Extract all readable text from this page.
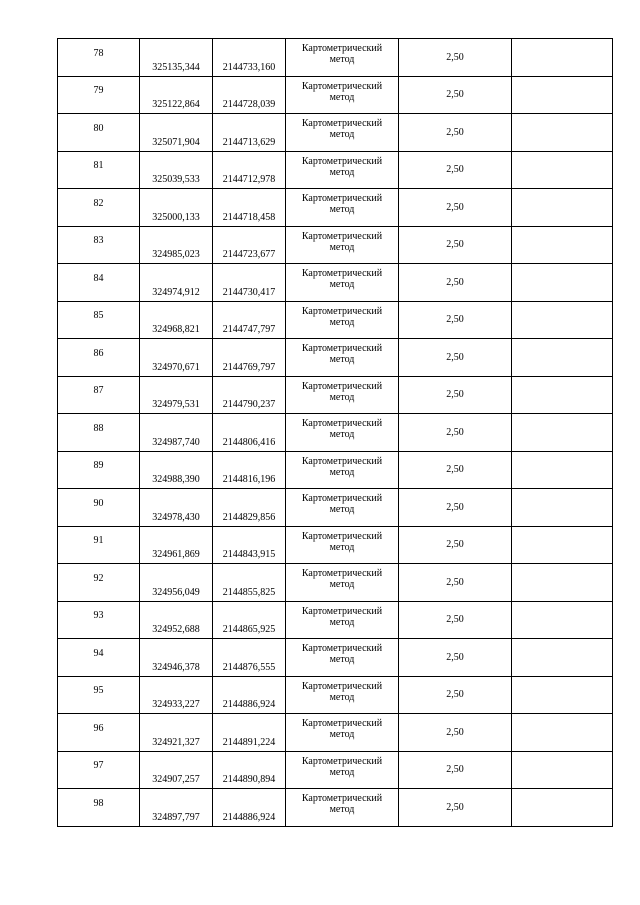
78	325135,344	2144733,160	Картометрический метод	2,50	
79	325122,864	2144728,039	Картометрический метод	2,50	
80	325071,904	2144713,629	Картометрический метод	2,50	
81	325039,533	2144712,978	Картометрический метод	2,50	
82	325000,133	2144718,458	Картометрический метод	2,50	
83	324985,023	2144723,677	Картометрический метод	2,50	
84	324974,912	2144730,417	Картометрический метод	2,50	
85	324968,821	2144747,797	Картометрический метод	2,50	
86	324970,671	2144769,797	Картометрический метод	2,50	
87	324979,531	2144790,237	Картометрический метод	2,50	
88	324987,740	2144806,416	Картометрический метод	2,50	
89	324988,390	2144816,196	Картометрический метод	2,50	
90	324978,430	2144829,856	Картометрический метод	2,50	
91	324961,869	2144843,915	Картометрический метод	2,50	
92	324956,049	2144855,825	Картометрический метод	2,50	
93	324952,688	2144865,925	Картометрический метод	2,50	
94	324946,378	2144876,555	Картометрический метод	2,50	
95	324933,227	2144886,924	Картометрический метод	2,50	
96	324921,327	2144891,224	Картометрический метод	2,50	
97	324907,257	2144890,894	Картометрический метод	2,50	
98	324897,797	2144886,924	Картометрический метод	2,50	
